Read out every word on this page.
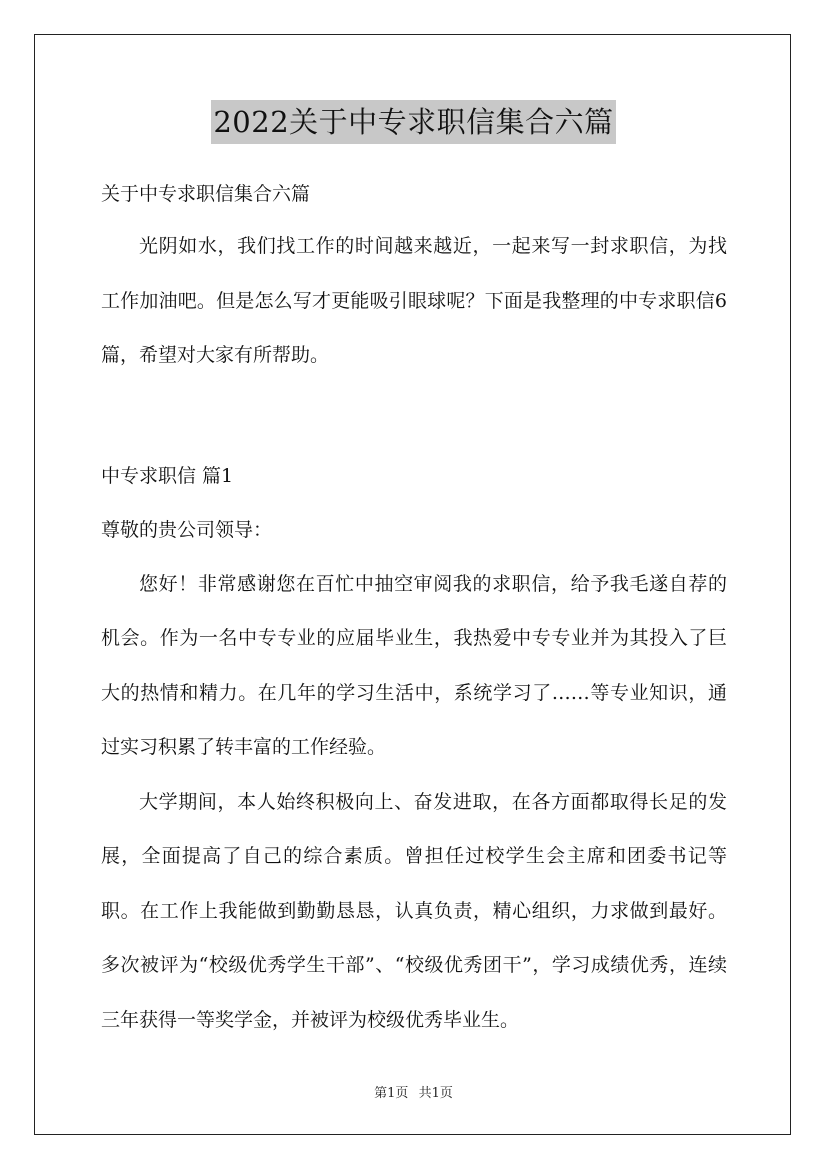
2022关于中专求职信集合六篇

关于中专求职信集合六篇

光阴如水，我们找工作的时间越来越近，一起来写一封求职信，为找工作加油吧。但是怎么写才更能吸引眼球呢？下面是我整理的中专求职信6篇，希望对大家有所帮助。

中专求职信 篇1

尊敬的贵公司领导：

您好！非常感谢您在百忙中抽空审阅我的求职信，给予我毛遂自荐的机会。作为一名中专专业的应届毕业生，我热爱中专专业并为其投入了巨大的热情和精力。在几年的学习生活中，系统学习了……等专业知识，通过实习积累了转丰富的工作经验。

大学期间，本人始终积极向上、奋发进取，在各方面都取得长足的发展，全面提高了自己的综合素质。曾担任过校学生会主席和团委书记等职。在工作上我能做到勤勤恳恳，认真负责，精心组织，力求做到最好。多次被评为“校级优秀学生干部”、“校级优秀团干”，学习成绩优秀，连续三年获得一等奖学金，并被评为校级优秀毕业生。

第1页 共1页
